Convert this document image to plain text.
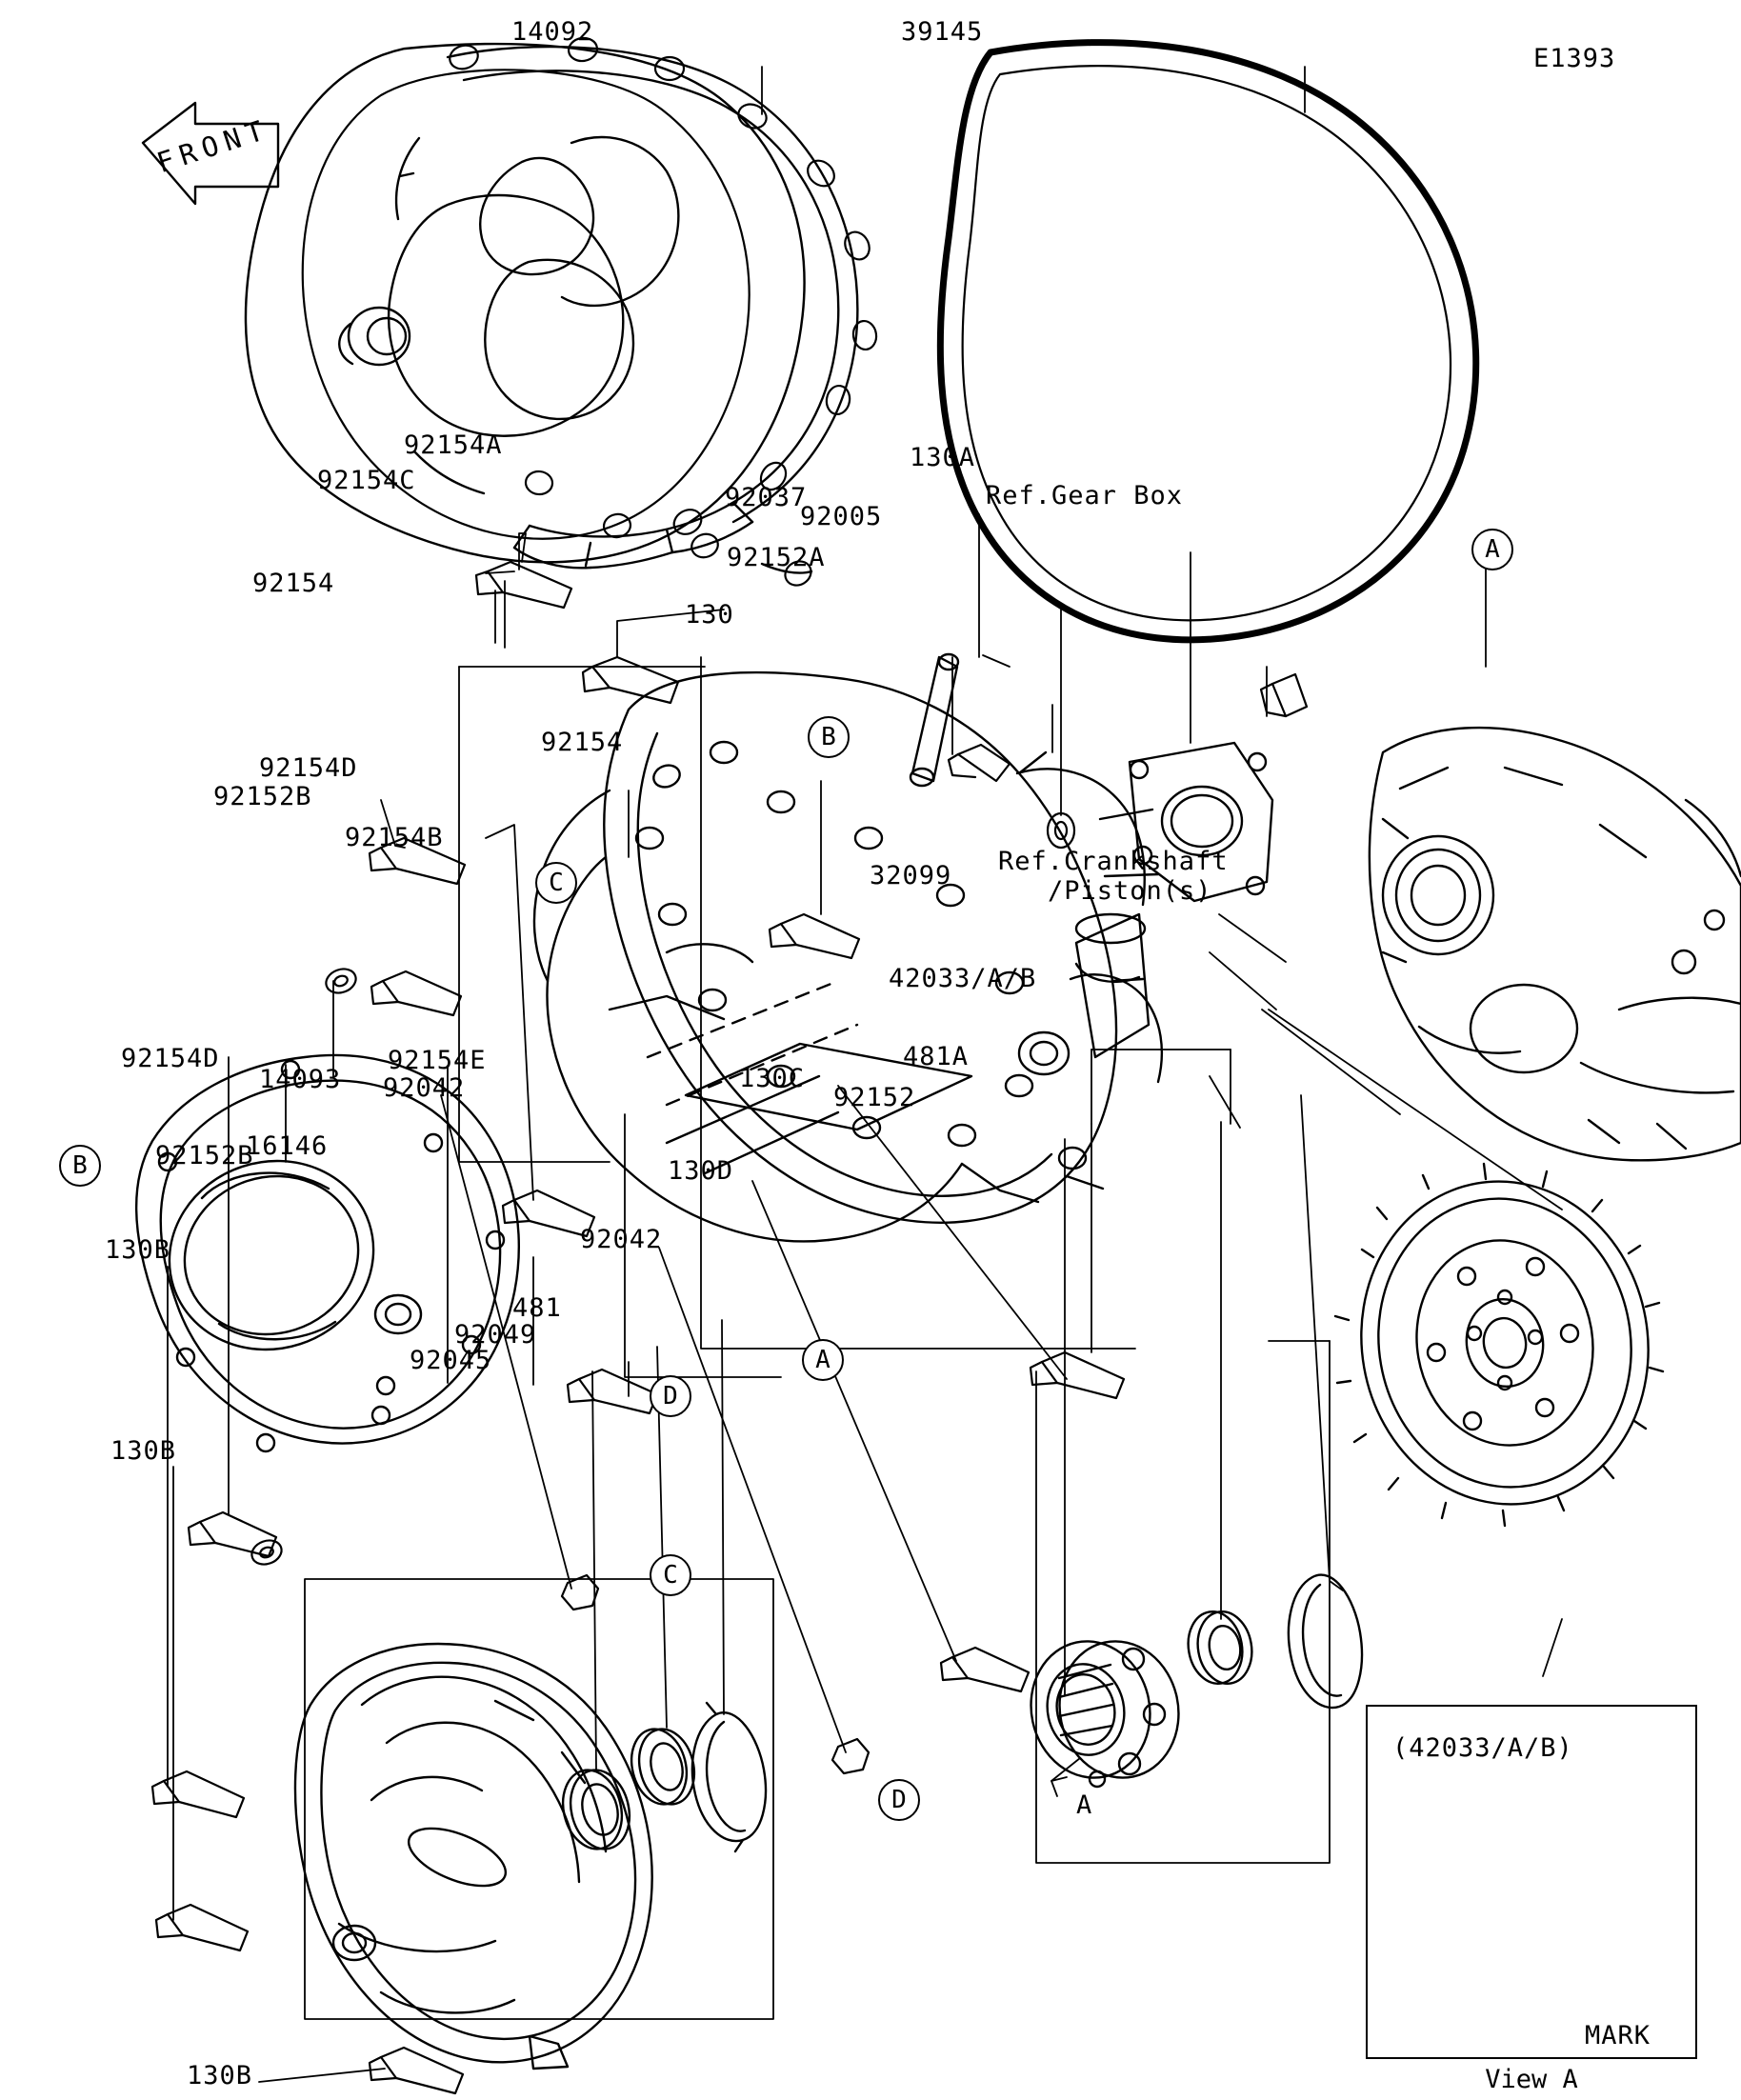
FRONT
E1393
14092	39145
92154C
92154A
92154
92037
130A
Ref.Gear Box
92152A
130
92005
92154
92154D
92152B
92154B
32099 Ref.Crankshaft
/Piston(s)
42033/A/B
481A
92152
92154D
14093
92154E
92042
92152B
16146
130C
130D
92042
130B
481
92049
92045
130B
130B
A
A
B
C
B
A
D
C
D
(42033/A/B)
MARK
View A
